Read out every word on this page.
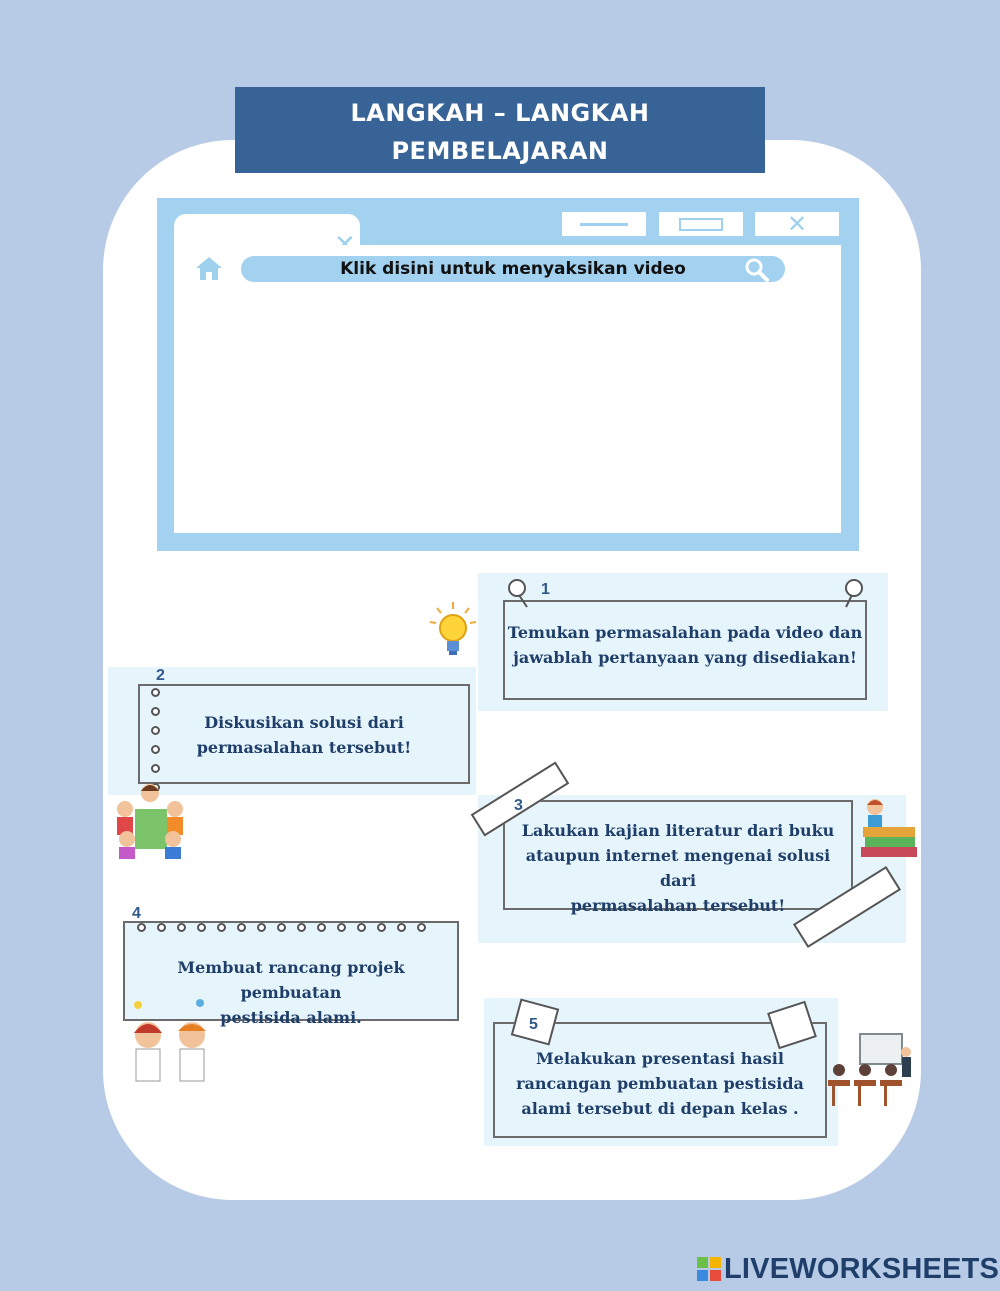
LANGKAH – LANGKAH
PEMBELAJARAN
✕
Klik disini untuk menyaksikan video
Temukan permasalahan pada video dan
jawablah pertanyaan yang disediakan!
1
Diskusikan solusi dari
permasalahan tersebut!
2
Lakukan kajian literatur dari buku
ataupun internet mengenai solusi dari
permasalahan tersebut!
3
Membuat rancang projek pembuatan
pestisida alami.
4
Melakukan presentasi hasil
rancangan pembuatan pestisida
alami tersebut di depan kelas .
5
LIVEWORKSHEETS
